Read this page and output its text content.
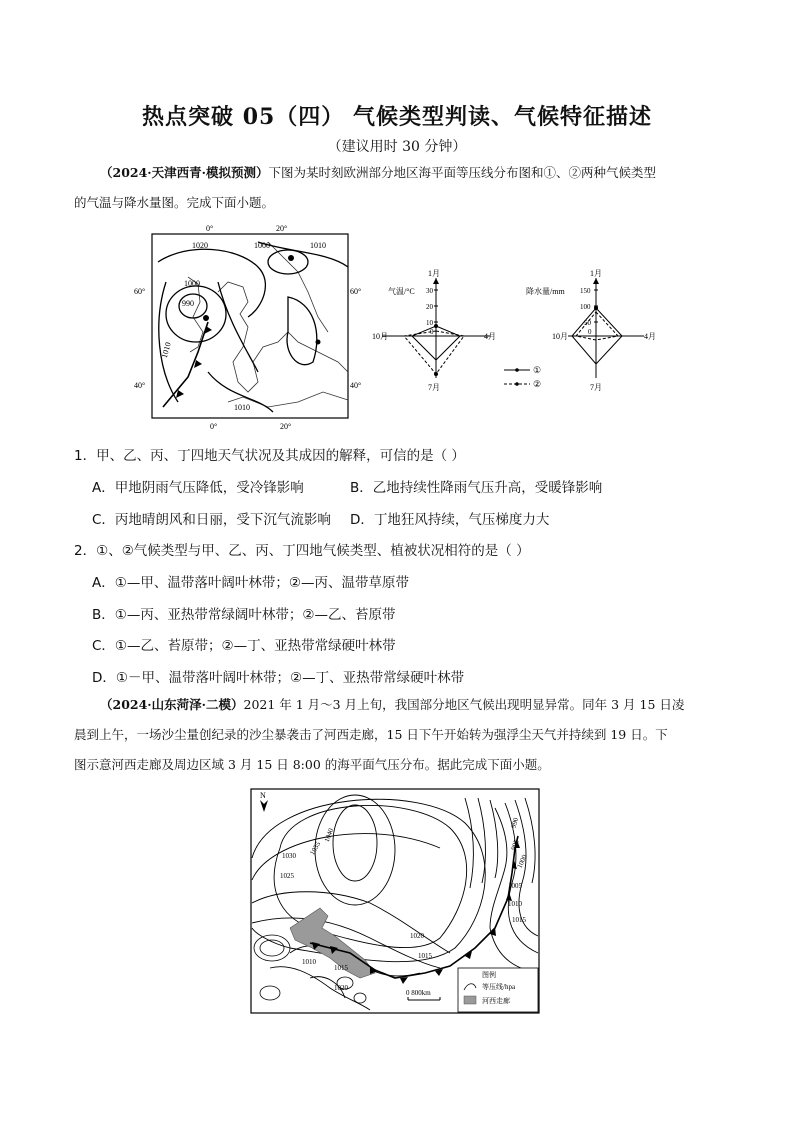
热点突破 05（四） 气候类型判读、气候特征描述
（建议用时 30 分钟）
（2024·天津西青·模拟预测）下图为某时刻欧洲部分地区海平面等压线分布图和①、②两种气候类型
的气温与降水量图。完成下面小题。
0°	20°
0°	20°
60°	60°
40°	40°
1020	1000	1010
1000
990
1010
1010
1月
7月
10月	4月
气温/°C 30
20
10
0
①
②
1月
7月
10月	4月
降水量/mm 150
100
50
0
1．甲、乙、丙、丁四地天气状况及其成因的解释，可信的是（ ）
A．甲地阴雨气压降低，受冷锋影响	B．乙地持续性降雨气压升高，受暖锋影响
C．丙地晴朗风和日丽，受下沉气流影响 D．丁地狂风持续，气压梯度力大
2．①、②气候类型与甲、乙、丙、丁四地气候类型、植被状况相符的是（ ）
A．①—甲、温带落叶阔叶林带；②—丙、温带草原带
B．①—丙、亚热带常绿阔叶林带；②—乙、苔原带
C．①—乙、苔原带；②—丁、亚热带常绿硬叶林带
D．①－甲、温带落叶阔叶林带；②—丁、亚热带常绿硬叶林带
（2024·山东菏泽·二模）2021 年 1 月～3 月上旬，我国部分地区气候出现明显异常。同年 3 月 15 日凌
晨到上午，一场沙尘量创纪录的沙尘暴袭击了河西走廊，15 日下午开始转为强浮尘天气并持续到 19 日。下
图示意河西走廊及周边区域 3 月 15 日 8:00 的海平面气压分布。据此完成下面小题。
N
1040
1035
1030
1025
1020
1015
1010
1015
1020
990
995
1000
1005
1010
1015
0 800km
图例
等压线/hpa
河西走廊
